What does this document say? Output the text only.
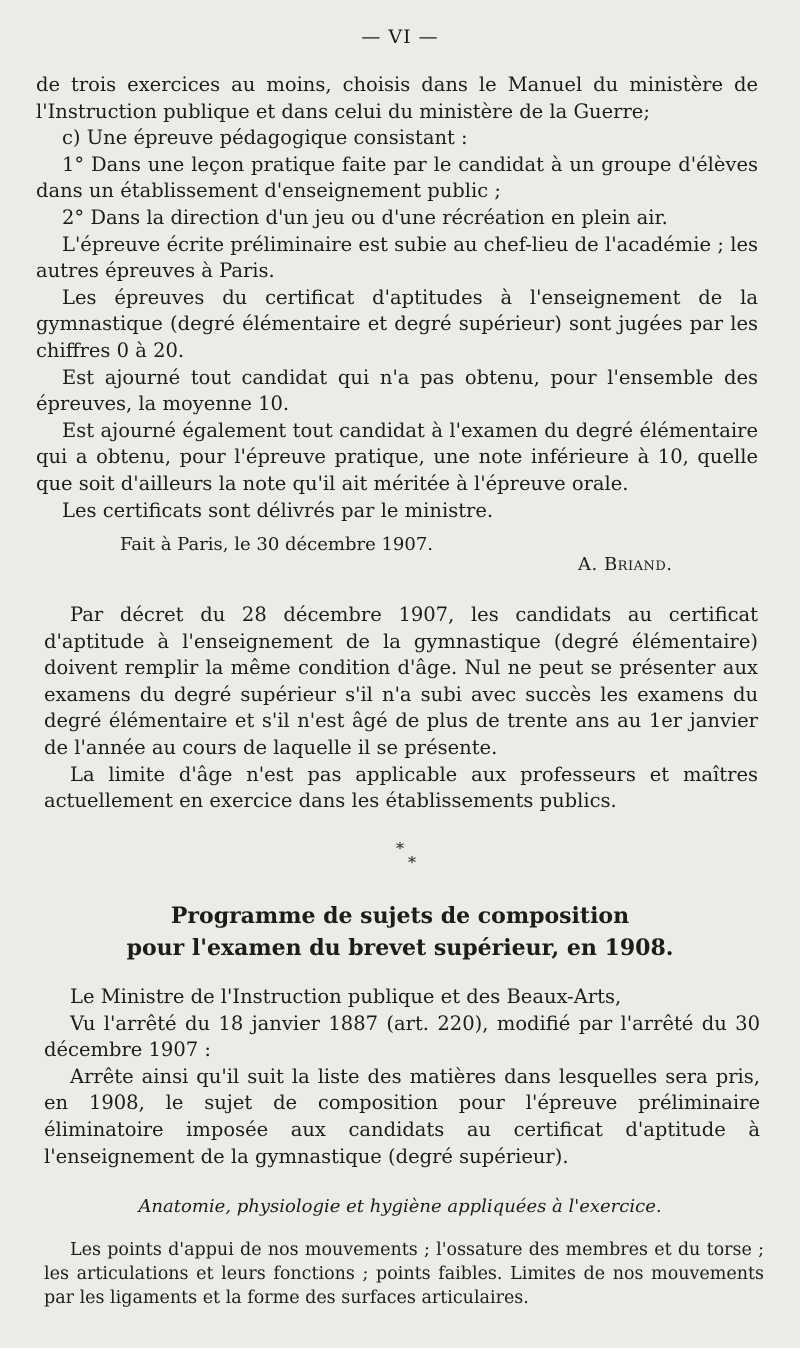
— VI —

de trois exercices au moins, choisis dans le Manuel du ministère de l'Instruction publique et dans celui du ministère de la Guerre;

c) Une épreuve pédagogique consistant :

1° Dans une leçon pratique faite par le candidat à un groupe d'élèves dans un établissement d'enseignement public ;

2° Dans la direction d'un jeu ou d'une récréation en plein air.

L'épreuve écrite préliminaire est subie au chef-lieu de l'académie ; les autres épreuves à Paris.

Les épreuves du certificat d'aptitudes à l'enseignement de la gymnastique (degré élémentaire et degré supérieur) sont jugées par les chiffres 0 à 20.

Est ajourné tout candidat qui n'a pas obtenu, pour l'ensemble des épreuves, la moyenne 10.

Est ajourné également tout candidat à l'examen du degré élémentaire qui a obtenu, pour l'épreuve pratique, une note inférieure à 10, quelle que soit d'ailleurs la note qu'il ait méritée à l'épreuve orale.

Les certificats sont délivrés par le ministre.

Fait à Paris, le 30 décembre 1907.
A. Briand.

Par décret du 28 décembre 1907, les candidats au certificat d'aptitude à l'enseignement de la gymnastique (degré élémentaire) doivent remplir la même condition d'âge. Nul ne peut se présenter aux examens du degré supérieur s'il n'a subi avec succès les examens du degré élémentaire et s'il n'est âgé de plus de trente ans au 1er janvier de l'année au cours de laquelle il se présente.

La limite d'âge n'est pas applicable aux professeurs et maîtres actuellement en exercice dans les établissements publics.

*
*
Programme de sujets de composition
pour l'examen du brevet supérieur, en 1908.

Le Ministre de l'Instruction publique et des Beaux-Arts,

Vu l'arrêté du 18 janvier 1887 (art. 220), modifié par l'arrêté du 30 décembre 1907 :

Arrête ainsi qu'il suit la liste des matières dans lesquelles sera pris, en 1908, le sujet de composition pour l'épreuve préliminaire éliminatoire imposée aux candidats au certificat d'aptitude à l'enseignement de la gymnastique (degré supérieur).

Anatomie, physiologie et hygiène appliquées à l'exercice.

Les points d'appui de nos mouvements ; l'ossature des membres et du torse ; les articulations et leurs fonctions ; points faibles. Limites de nos mouvements par les ligaments et la forme des surfaces articulaires.
